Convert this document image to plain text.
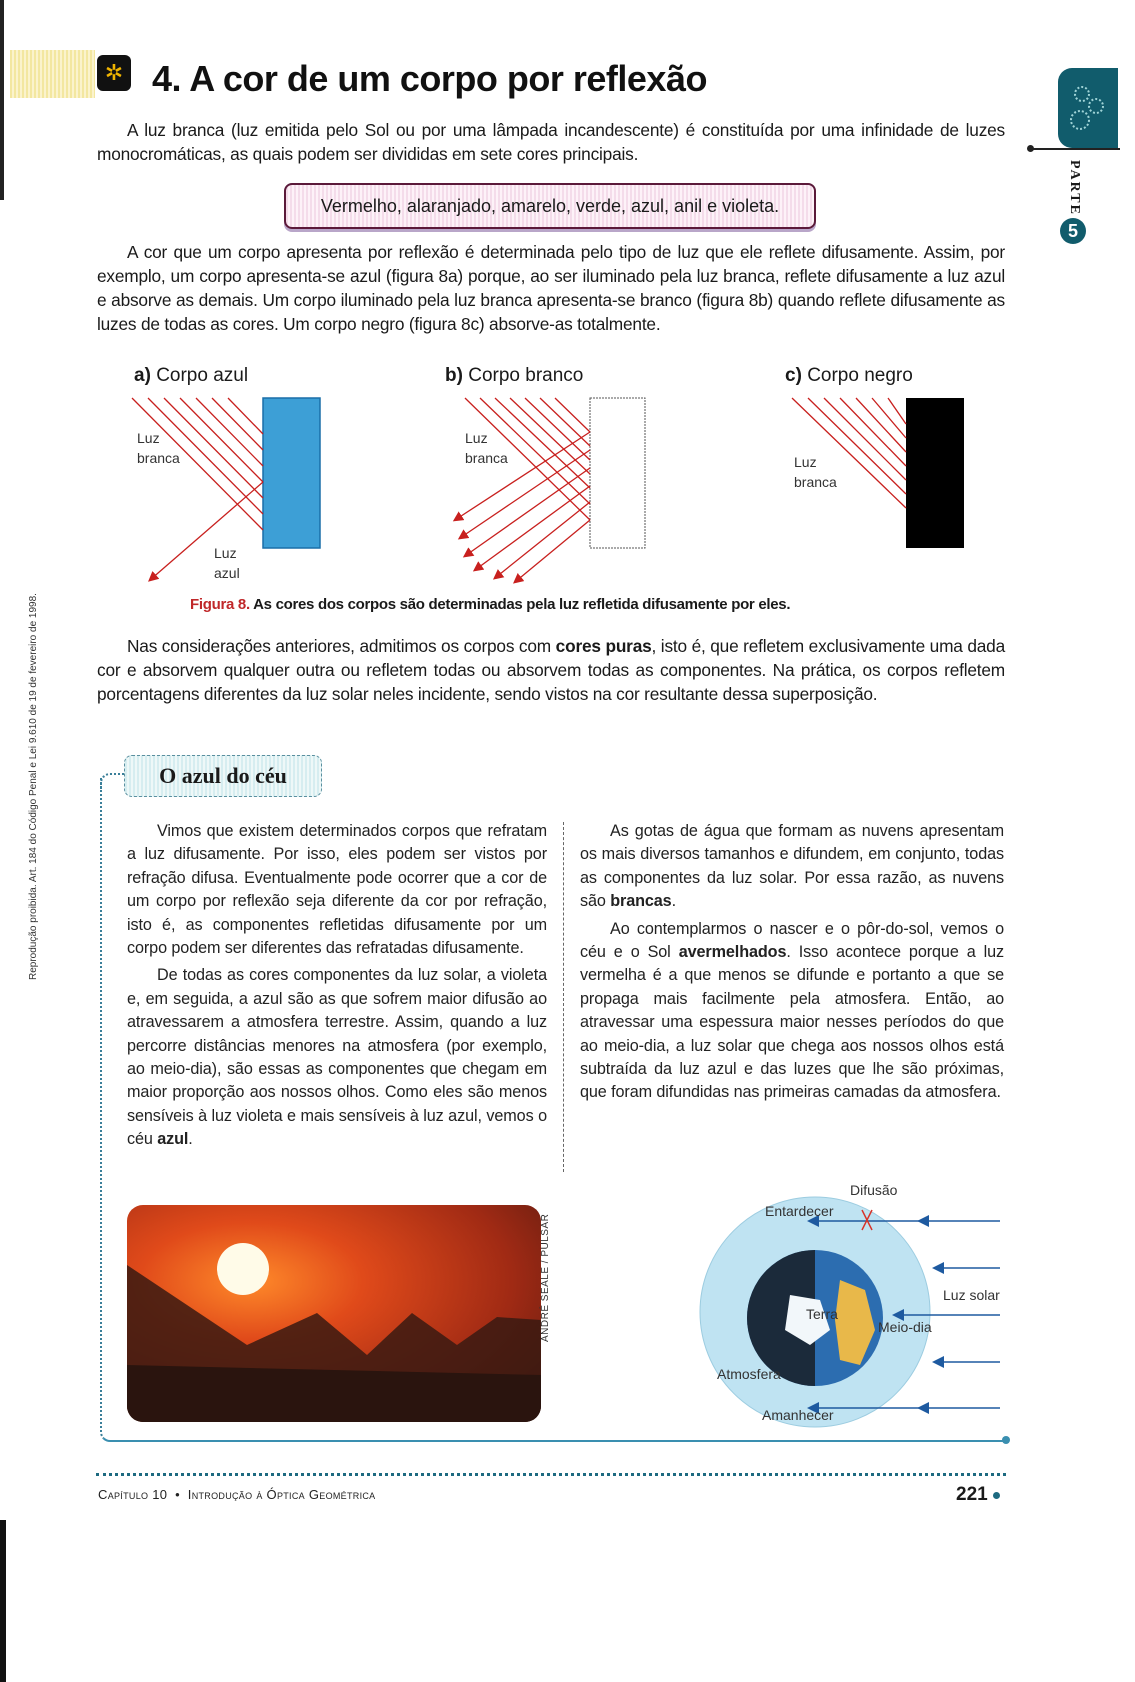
✲ 4. A cor de um corpo por reflexão
PARTE
5
A luz branca (luz emitida pelo Sol ou por uma lâmpada incandescente) é constituída por uma infinidade de luzes monocromáticas, as quais podem ser divididas em sete cores principais.
Vermelho, alaranjado, amarelo, verde, azul, anil e violeta.
A cor que um corpo apresenta por reflexão é determinada pelo tipo de luz que ele reflete difusamente. Assim, por exemplo, um corpo apresenta-se azul (figura 8a) porque, ao ser iluminado pela luz branca, reflete difusamente a luz azul e absorve as demais. Um corpo iluminado pela luz branca apresenta-se branco (figura 8b) quando reflete difusamente as luzes de todas as cores. Um corpo negro (figura 8c) absorve-as totalmente.
a) Corpo azul	b) Corpo branco	c) Corpo negro
Luz
branca
Luz
azul
Luz
branca	Luz
branca
Figura 8. As cores dos corpos são determinadas pela luz refletida difusamente por eles.
Nas considerações anteriores, admitimos os corpos com cores puras, isto é, que refletem exclusivamente uma dada cor e absorvem qualquer outra ou refletem todas ou absorvem todas as componentes. Na prática, os corpos refletem porcentagens diferentes da luz solar neles incidente, sendo vistos na cor resultante dessa superposição.
Reprodução proibida. Art. 184 do Código Penal e Lei 9.610 de 19 de fevereiro de 1998.	O azul do céu

Vimos que existem determinados corpos que refratam a luz difusamente. Por isso, eles podem ser vistos por refração difusa. Eventualmente pode ocorrer que a cor de um corpo por reflexão seja diferente da cor por refração, isto é, as componentes refletidas difusamente por um corpo podem ser diferentes das refratadas difusamente.

De todas as cores componentes da luz solar, a violeta e, em seguida, a azul são as que sofrem maior difusão ao atravessarem a atmosfera terrestre. Assim, quando a luz percorre distâncias menores na atmosfera (por exemplo, ao meio-dia), são essas as componentes que chegam em maior proporção aos nossos olhos. Como eles são menos sensíveis à luz violeta e mais sensíveis à luz azul, vemos o céu azul.

As gotas de água que formam as nuvens apresentam os mais diversos tamanhos e difundem, em conjunto, todas as componentes da luz solar. Por essa razão, as nuvens são brancas.

Ao contemplarmos o nascer e o pôr-do-sol, vemos o céu e o Sol avermelhados. Isso acontece porque a luz vermelha é a que menos se difunde e portanto a que se propaga mais facilmente pela atmosfera. Então, ao atravessar uma espessura maior nesses períodos do que ao meio-dia, a luz solar que chega aos nossos olhos está subtraída da luz azul e das luzes que lhe são próximas, que foram difundidas nas primeiras camadas da atmosfera.

ANDRÉ SEALE / PULSAR
Difusão
Entardecer
Luz solar
Terra
Meio-dia
Atmosfera
Amanhecer
Capítulo 10 • Introdução à Óptica Geométrica	221
